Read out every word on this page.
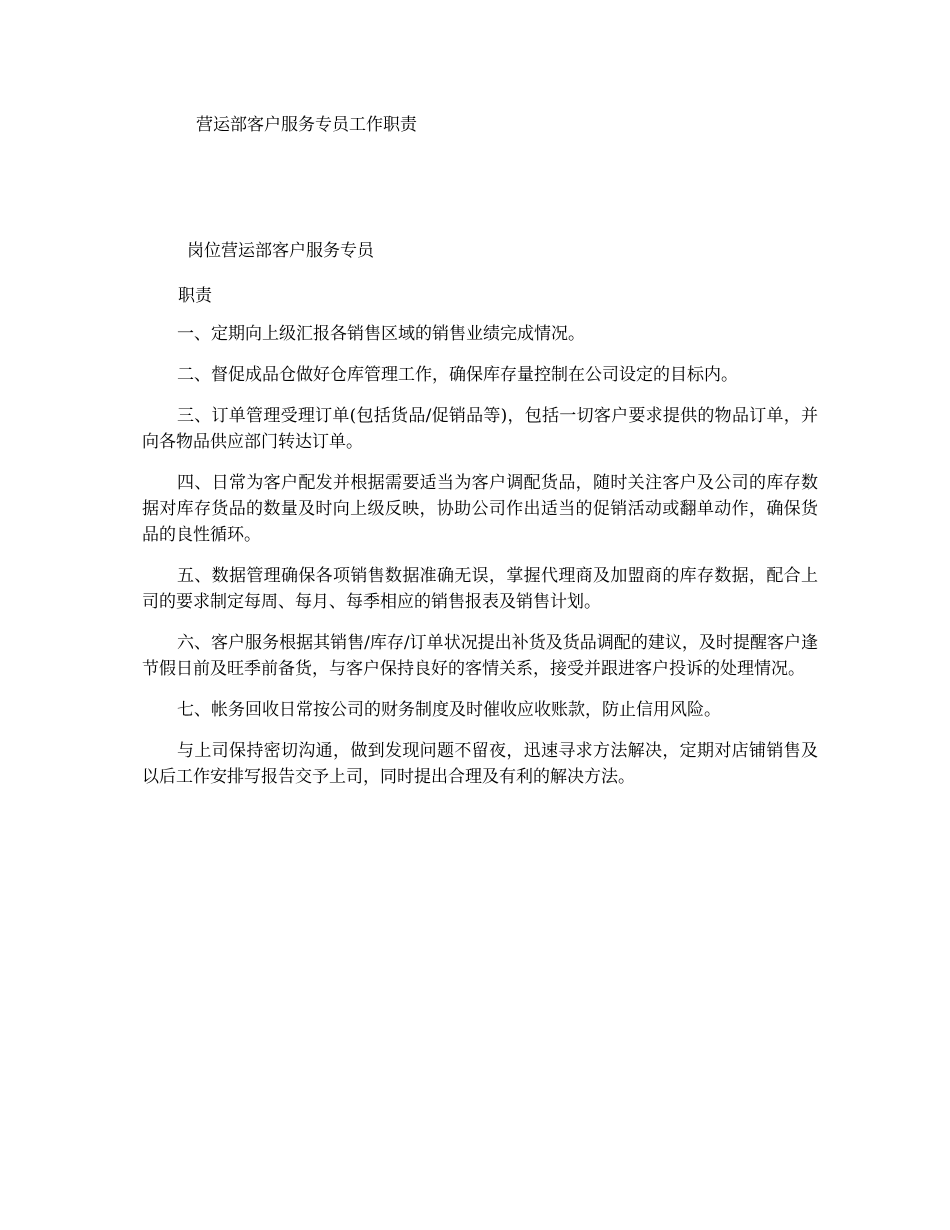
营运部客户服务专员工作职责

岗位营运部客户服务专员

职责

一、定期向上级汇报各销售区域的销售业绩完成情况。

二、督促成品仓做好仓库管理工作，确保库存量控制在公司设定的目标内。

三、订单管理受理订单(包括货品/促销品等)，包括一切客户要求提供的物品订单，并向各物品供应部门转达订单。

四、日常为客户配发并根据需要适当为客户调配货品，随时关注客户及公司的库存数据对库存货品的数量及时向上级反映，协助公司作出适当的促销活动或翻单动作，确保货品的良性循环。

五、数据管理确保各项销售数据准确无误，掌握代理商及加盟商的库存数据，配合上司的要求制定每周、每月、每季相应的销售报表及销售计划。

六、客户服务根据其销售/库存/订单状况提出补货及货品调配的建议，及时提醒客户逢节假日前及旺季前备货，与客户保持良好的客情关系，接受并跟进客户投诉的处理情况。

七、帐务回收日常按公司的财务制度及时催收应收账款，防止信用风险。

与上司保持密切沟通，做到发现问题不留夜，迅速寻求方法解决，定期对店铺销售及以后工作安排写报告交予上司，同时提出合理及有利的解决方法。
